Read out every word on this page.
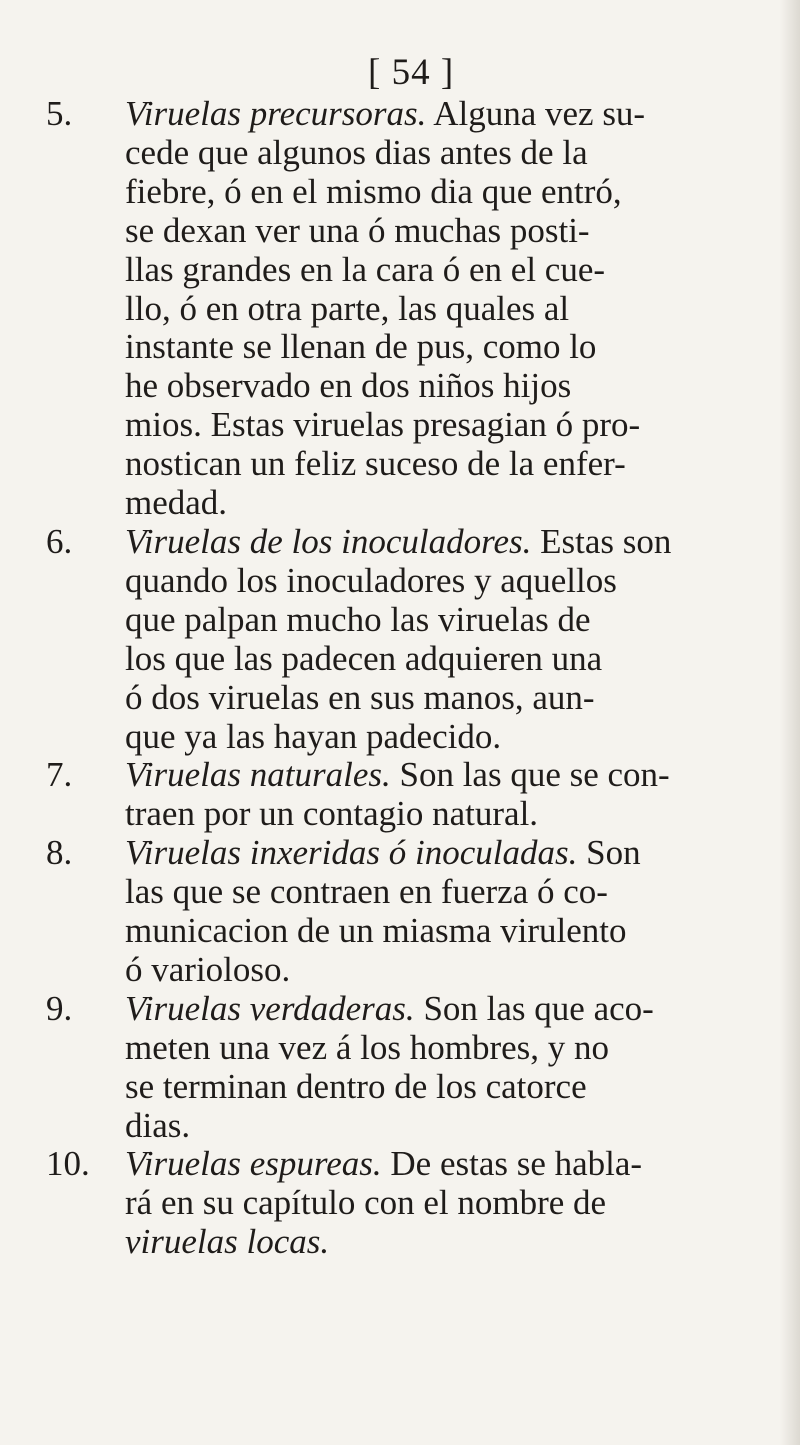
[ 54 ]
5.	Viruelas precursoras. Alguna vez su-
cede que algunos dias antes de la
fiebre, ó en el mismo dia que entró,
se dexan ver una ó muchas posti-
llas grandes en la cara ó en el cue-
llo, ó en otra parte, las quales al
instante se llenan de pus, como lo
he observado en dos niños hijos
mios. Estas viruelas presagian ó pro-
nostican un feliz suceso de la enfer-
medad.

6.	Viruelas de los inoculadores. Estas son
quando los inoculadores y aquellos
que palpan mucho las viruelas de
los que las padecen adquieren una
ó dos viruelas en sus manos, aun-
que ya las hayan padecido.

7.	Viruelas naturales. Son las que se con-
traen por un contagio natural.

8.	Viruelas inxeridas ó inoculadas. Son
las que se contraen en fuerza ó co-
municacion de un miasma virulento
ó varioloso.

9.	Viruelas verdaderas. Son las que aco-
meten una vez á los hombres, y no
se terminan dentro de los catorce
dias.

10.	Viruelas espureas. De estas se habla-
rá en su capítulo con el nombre de
viruelas locas.
